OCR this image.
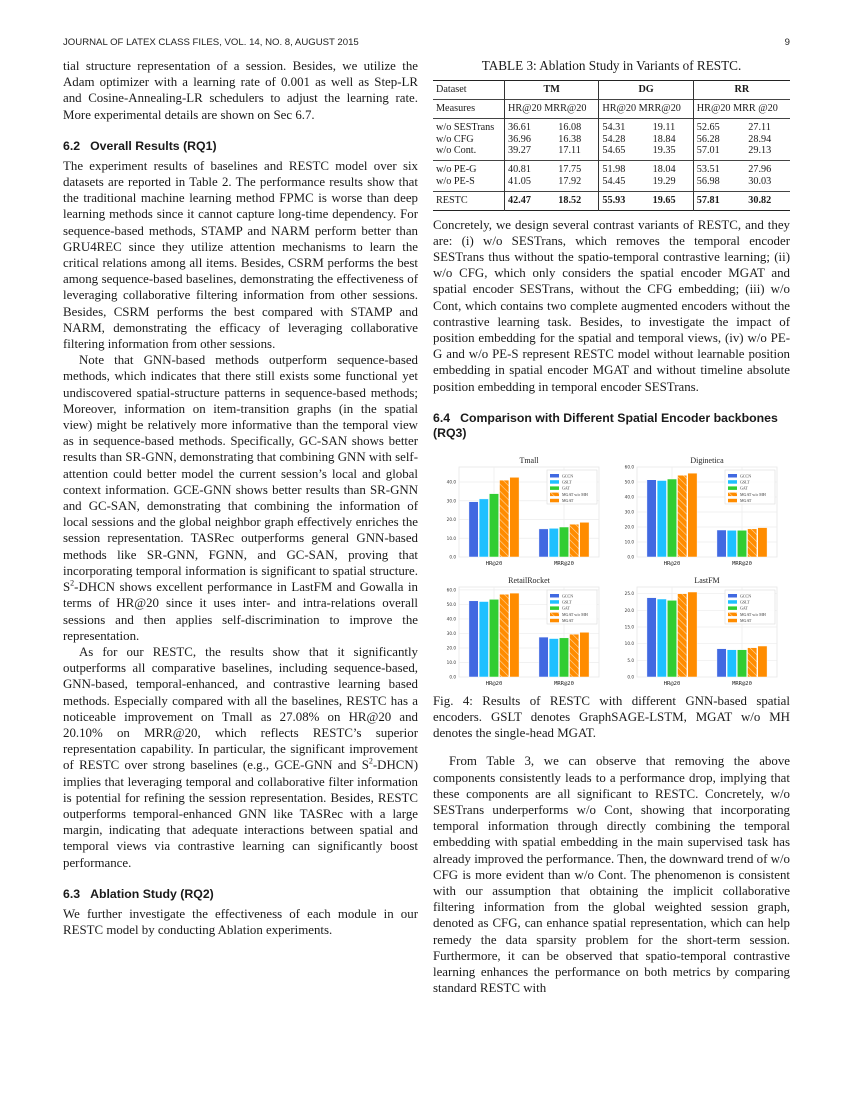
JOURNAL OF LATEX CLASS FILES, VOL. 14, NO. 8, AUGUST 2015	9

tial structure representation of a session. Besides, we utilize the Adam optimizer with a learning rate of 0.001 as well as Step-LR and Cosine-Annealing-LR schedulers to adjust the learning rate. More experimental details are shown on Sec 6.7.

6.2 Overall Results (RQ1)

The experiment results of baselines and RESTC model over six datasets are reported in Table 2. The performance results show that the traditional machine learning method FPMC is worse than deep learning methods since it cannot capture long-time dependency. For sequence-based methods, STAMP and NARM perform better than GRU4REC since they utilize attention mechanisms to learn the critical relations among all items. Besides, CSRM performs the best among sequence-based baselines, demonstrating the effectiveness of leveraging collaborative filtering information from other sessions. Besides, CSRM performs the best compared with STAMP and NARM, demonstrating the efficacy of leveraging collaborative filtering information from other sessions.

Note that GNN-based methods outperform sequence-based methods, which indicates that there still exists some functional yet undiscovered spatial-structure patterns in sequence-based methods; Moreover, information on item-transition graphs (in the spatial view) might be relatively more informative than the temporal view as in sequence-based methods. Specifically, GC-SAN shows better results than SR-GNN, demonstrating that combining GNN with self-attention could better model the current session’s local and global context information. GCE-GNN shows better results than SR-GNN and GC-SAN, demonstrating that combining the information of local sessions and the global neighbor graph effectively enriches the session representation. TASRec outperforms general GNN-based methods like SR-GNN, FGNN, and GC-SAN, proving that incorporating temporal information is significant to spatial structure. $S^2$-DHCN shows excellent performance in LastFM and Gowalla in terms of HR@20 since it uses inter- and intra-relations overall sessions and then applies self-discrimination to improve the representation.

As for our RESTC, the results show that it significantly outperforms all comparative baselines, including sequence-based, GNN-based, temporal-enhanced, and contrastive learning based methods. Especially compared with all the baselines, RESTC has a noticeable improvement on Tmall as 27.08% on HR@20 and 20.10% on MRR@20, which reflects RESTC’s superior representation capability. In particular, the significant improvement of RESTC over strong baselines (e.g., GCE-GNN and $S^2-DHCN$) implies that leveraging temporal and collaborative filter information is potential for refining the session representation. Besides, RESTC outperforms temporal-enhanced GNN like TASRec with a large margin, indicating that adequate interactions between spatial and temporal views via contrastive learning can significantly boost performance.

6.3 Ablation Study (RQ2)

We further investigate the effectiveness of each module in our RESTC model by conducting Ablation experiments.

TABLE 3: Ablation Study in Variants of RESTC.
Dataset	TM		DG		RR	
Measures	HR@20 MRR@20		HR@20 MRR@20		HR@20 MRR @20	
w/o SESTrans	36.61	16.08	54.31	19.11	52.65	27.11
w/o CFG	36.96	16.38	54.28	18.84	56.28	28.94
w/o Cont.	39.27	17.11	54.65	19.35	57.01	29.13
w/o PE-G	40.81	17.75	51.98	18.04	53.51	27.96
w/o PE-S	41.05	17.92	54.45	19.29	56.98	30.03
RESTC	42.47	18.52	55.93	19.65	57.81	30.82

Concretely, we design several contrast variants of RESTC, and they are: (i) w/o SESTrans, which removes the temporal encoder SESTrans thus without the spatio-temporal contrastive learning; (ii) w/o CFG, which only considers the spatial encoder MGAT and spatial encoder SESTrans, without the CFG embedding; (iii) w/o Cont, which contains two complete augmented encoders without the contrastive learning task. Besides, to investigate the impact of position embedding for the spatial and temporal views, (iv) w/o PE-G and w/o PE-S represent RESTC model without learnable position embedding in spatial encoder MGAT and without timeline absolute position embedding in temporal encoder SESTrans.

6.4 Comparison with Different Spatial Encoder backbones (RQ3)
Tmall
0.0
10.0
20.0
30.0
40.0
HR@20	MRR@20
GCCN
GSLT
GAT
MGAT w/o MH
MGAT
Diginetica
0.0
10.0
20.0
30.0
40.0
50.0
60.0
HR@20	MRR@20
GCCN
GSLT
GAT
MGAT w/o MH
MGAT
RetailRocket
0.0
10.0
20.0
30.0
40.0
50.0
60.0
HR@20	MRR@20
GCCN
GSLT
GAT
MGAT w/o MH
MGAT
LastFM
0.0
5.0
10.0
15.0
20.0
25.0
HR@20	MRR@20
GCCN
GSLT
GAT
MGAT w/o MH
MGAT

Fig. 4: Results of RESTC with different GNN-based spatial encoders. GSLT denotes GraphSAGE-LSTM, MGAT w/o MH denotes the single-head MGAT.

From Table 3, we can observe that removing the above components consistently leads to a performance drop, implying that these components are all significant to RESTC. Concretely, w/o SESTrans underperforms w/o Cont, showing that incorporating temporal information through directly combining the temporal embedding with spatial embedding in the main supervised task has already improved the performance. Then, the downward trend of w/o CFG is more evident than w/o Cont. The phenomenon is consistent with our assumption that obtaining the implicit collaborative filtering information from the global weighted session graph, denoted as CFG, can enhance spatial representation, which can help remedy the data sparsity problem for the short-term session. Furthermore, it can be observed that spatio-temporal contrastive learning enhances the performance on both metrics by comparing standard RESTC with
